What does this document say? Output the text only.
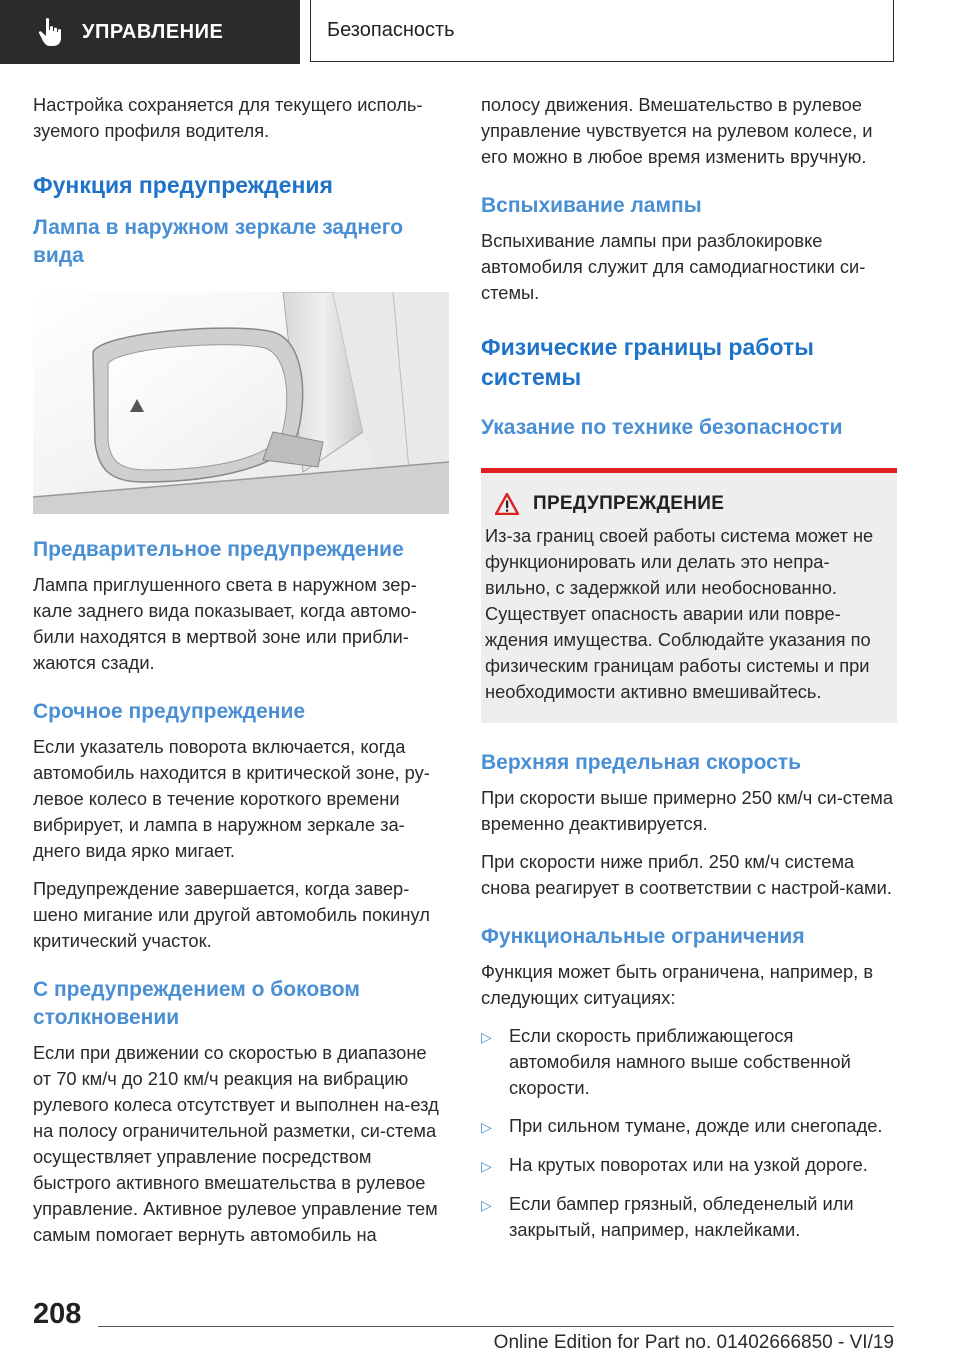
УПРАВЛЕНИЕ	Безопасность

Настройка сохраняется для текущего исполь-зуемого профиля водителя.

Функция предупреждения
Лампа в наружном зеркале заднего вида
Предварительное предупреждение

Лампа приглушенного света в наружном зер-кале заднего вида показывает, когда автомо-били находятся в мертвой зоне или прибли-жаются сзади.

Срочное предупреждение

Если указатель поворота включается, когда автомобиль находится в критической зоне, ру-левое колесо в течение короткого времени вибрирует, и лампа в наружном зеркале за-днего вида ярко мигает.

Предупреждение завершается, когда завер-шено мигание или другой автомобиль покинул критический участок.

С предупреждением о боковом столкновении

Если при движении со скоростью в диапазоне от 70 км/ч до 210 км/ч реакция на вибрацию рулевого колеса отсутствует и выполнен на-езд на полосу ограничительной разметки, си-стема осуществляет управление посредством быстрого активного вмешательства в рулевое управление. Активное рулевое управление тем самым помогает вернуть автомобиль на

полосу движения. Вмешательство в рулевое управление чувствуется на рулевом колесе, и его можно в любое время изменить вручную.

Вспыхивание лампы

Вспыхивание лампы при разблокировке автомобиля служит для самодиагностики си-стемы.

Физические границы работы системы
Указание по технике безопасности
ПРЕДУПРЕЖДЕНИЕ

Из-за границ своей работы система может не функционировать или делать это непра-вильно, с задержкой или необоснованно. Существует опасность аварии или повре-ждения имущества. Соблюдайте указания по физическим границам работы системы и при необходимости активно вмешивайтесь.

Верхняя предельная скорость

При скорости выше примерно 250 км/ч си-стема временно деактивируется.

При скорости ниже прибл. 250 км/ч система снова реагирует в соответствии с настрой-ками.

Функциональные ограничения

Функция может быть ограничена, например, в следующих ситуациях:

▷ Если скорость приближающегося автомобиля намного выше собственной скорости.
▷ При сильном тумане, дожде или снегопаде.
▷ На крутых поворотах или на узкой дороге.
▷ Если бампер грязный, обледенелый или закрытый, например, наклейками.
208
Online Edition for Part no. 01402666850 - VI/19
